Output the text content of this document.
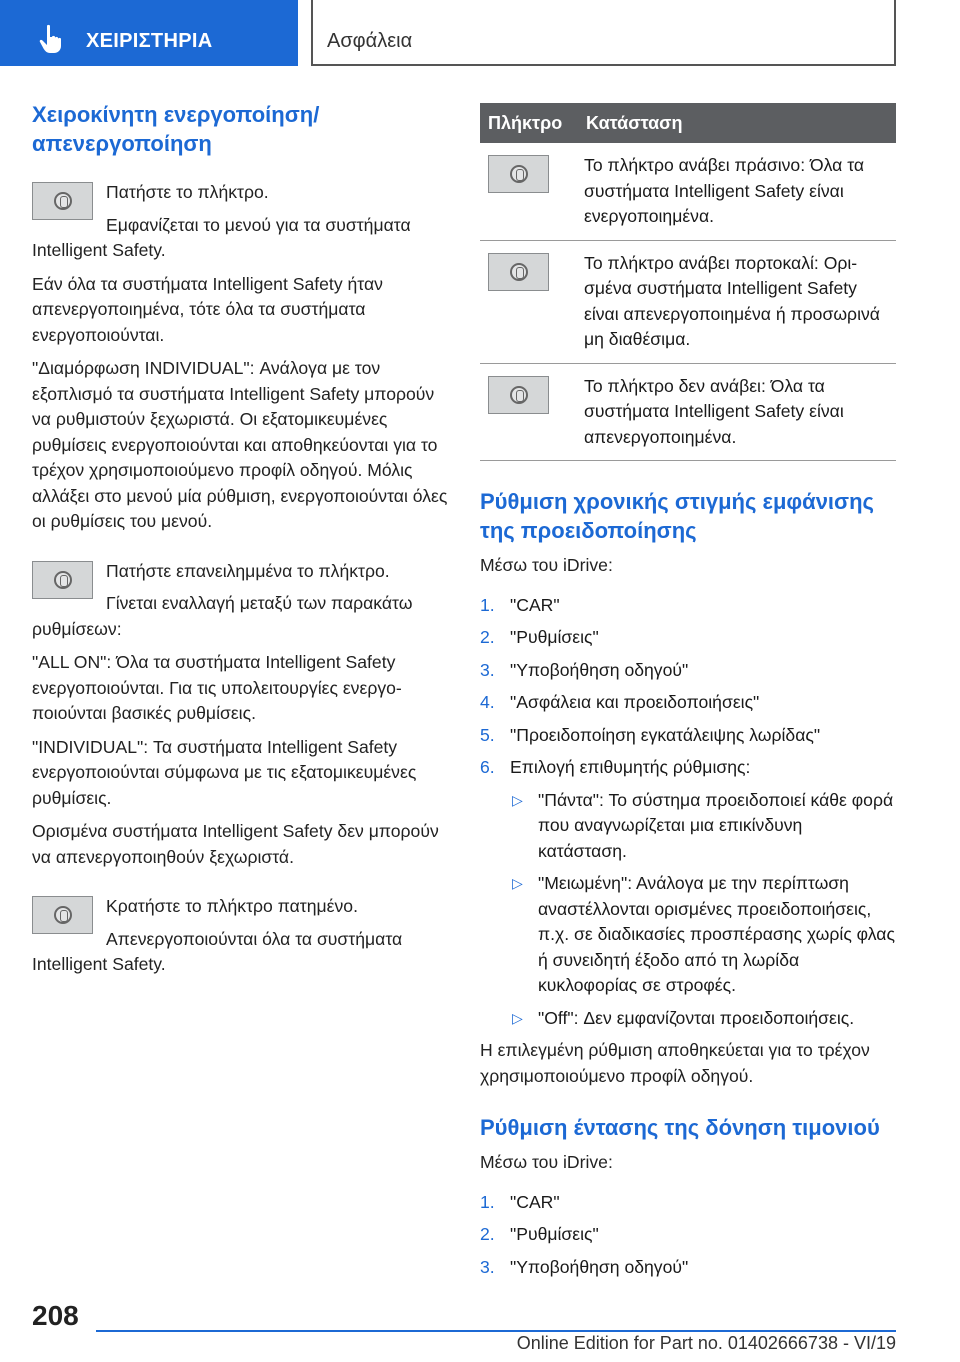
ΧΕΙΡΙΣΤΗΡΙΑ	Ασφάλεια
Χειροκίνητη ενεργοποίηση/απενεργοποίηση

Πατήστε το πλήκτρο.

Εμφανίζεται το μενού για τα συστήματα

Intelligent Safety.

Εάν όλα τα συστήματα Intelligent Safety ήταν απενεργοποιημένα, τότε όλα τα συστήματα ενεργοποιούνται.

"Διαμόρφωση INDIVIDUAL": Ανάλογα με τον εξοπλισμό τα συστήματα Intelligent Safety μπορούν να ρυθμιστούν ξεχωριστά. Οι εξατομικευμένες ρυθμίσεις ενεργοποιούνται και αποθηκεύονται για το τρέχον χρησιμοποιούμενο προφίλ οδηγού. Μόλις αλλάξει στο μενού μία ρύθμιση, ενεργοποιούνται όλες οι ρυθμίσεις του μενού.

Πατήστε επανειλημμένα το πλήκτρο.

Γίνεται εναλλαγή μεταξύ των παρακάτω

ρυθμίσεων:

"ALL ON": Όλα τα συστήματα Intelligent Safety ενεργοποιούνται. Για τις υπολειτουργίες ενεργοποιούνται βασικές ρυθμίσεις.

"INDIVIDUAL": Τα συστήματα Intelligent Safety ενεργοποιούνται σύμφωνα με τις εξατομικευμένες ρυθμίσεις.

Ορισμένα συστήματα Intelligent Safety δεν μπορούν να απενεργοποιηθούν ξεχωριστά.

Κρατήστε το πλήκτρο πατημένο.

Απενεργοποιούνται όλα τα συστήματα

Intelligent Safety.

Πλήκτρο	Κατάσταση

	Το πλήκτρο ανάβει πράσινο: Όλα τα συστήματα Intelligent Safety είναι ενεργοποιημένα.

	Το πλήκτρο ανάβει πορτοκαλί: Ορισμένα συστήματα Intelligent Safety είναι απενεργοποιημένα ή προσωρινά μη διαθέσιμα.

	Το πλήκτρο δεν ανάβει: Όλα τα συστήματα Intelligent Safety είναι απενεργοποιημένα.
Ρύθμιση χρονικής στιγμής εμφάνισης της προειδοποίησης

Μέσω του iDrive:

1. "CAR"
2. "Ρυθμίσεις"
3. "Υποβοήθηση οδηγού"
4. "Ασφάλεια και προειδοποιήσεις"
5. "Προειδοποίηση εγκατάλειψης λωρίδας"
6. Επιλογή επιθυμητής ρύθμισης:
▷ "Πάντα": Το σύστημα προειδοποιεί κάθε φορά που αναγνωρίζεται μια επικίνδυνη κατάσταση.
▷ "Μειωμένη": Ανάλογα με την περίπτωση αναστέλλονται ορισμένες προειδοποιήσεις, π.χ. σε διαδικασίες προσπέρασης χωρίς φλας ή συνειδητή έξοδο από τη λωρίδα κυκλοφορίας σε στροφές.
▷ "Off": Δεν εμφανίζονται προειδοποιήσεις.

Η επιλεγμένη ρύθμιση αποθηκεύεται για το τρέχον χρησιμοποιούμενο προφίλ οδηγού.

Ρύθμιση έντασης της δόνηση τιμονιού

Μέσω του iDrive:

1. "CAR"
2. "Ρυθμίσεις"
3. "Υποβοήθηση οδηγού"
208
Online Edition for Part no. 01402666738 - VI/19
